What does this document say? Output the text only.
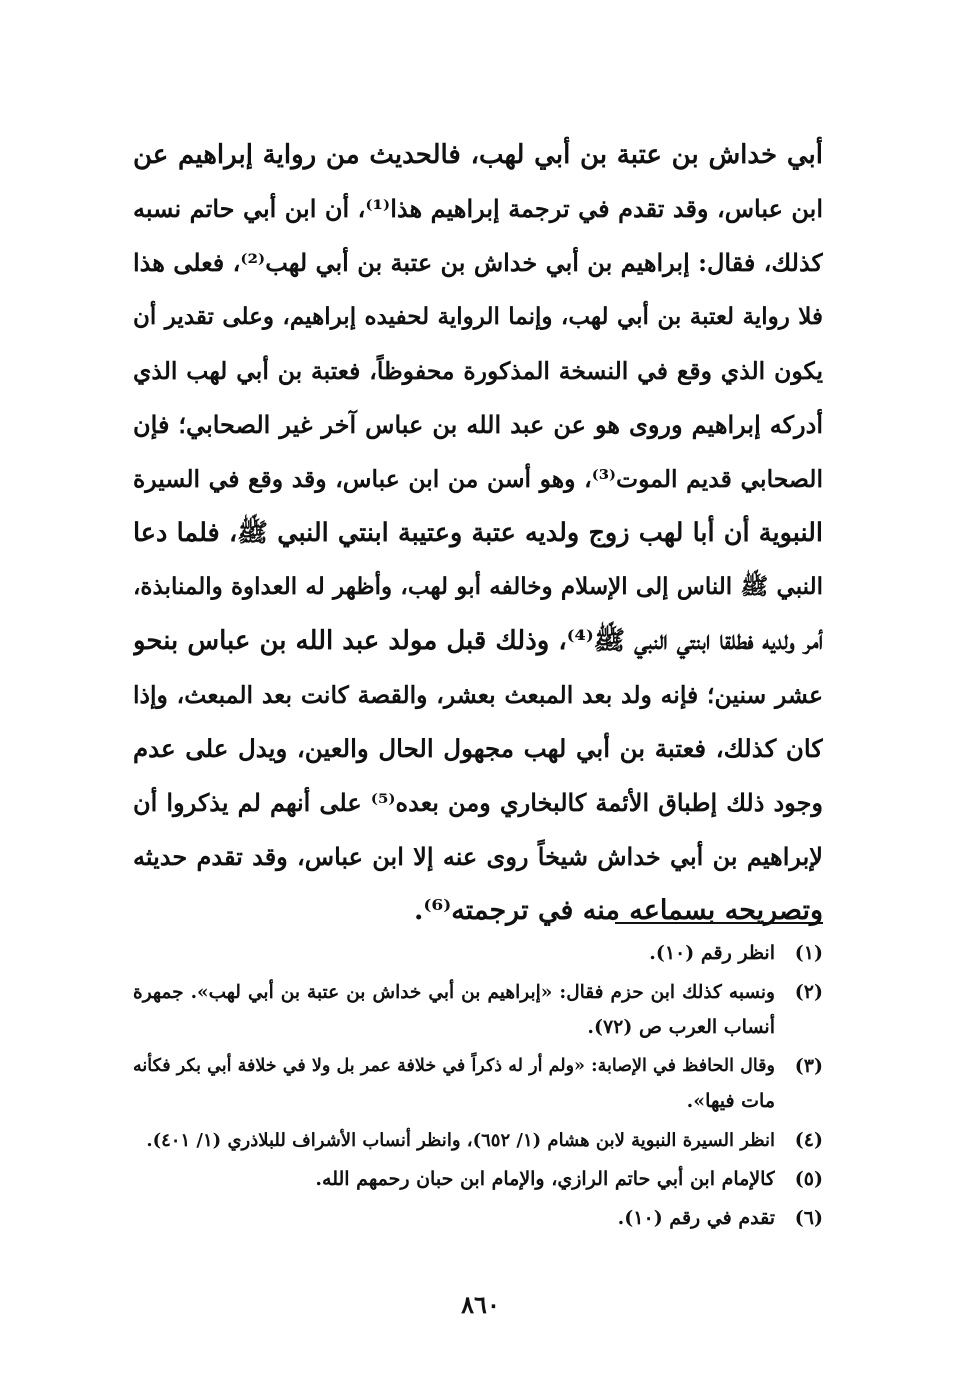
أبي خداش بن عتبة بن أبي لهب، فالحديث من رواية إبراهيم عن
ابن عباس، وقد تقدم في ترجمة إبراهيم هذا⁽¹⁾، أن ابن أبي حاتم نسبه
كذلك، فقال: إبراهيم بن أبي خداش بن عتبة بن أبي لهب⁽²⁾، فعلى هذا
فلا رواية لعتبة بن أبي لهب، وإنما الرواية لحفيده إبراهيم، وعلى تقدير أن
يكون الذي وقع في النسخة المذكورة محفوظاً، فعتبة بن أبي لهب الذي
أدركه إبراهيم وروى هو عن عبد الله بن عباس آخر غير الصحابي؛ فإن
الصحابي قديم الموت⁽³⁾، وهو أسن من ابن عباس، وقد وقع في السيرة
النبوية أن أبا لهب زوج ولديه عتبة وعتيبة ابنتي النبي ﷺ، فلما دعا
النبي ﷺ الناس إلى الإسلام وخالفه أبو لهب، وأظهر له العداوة والمنابذة،
أمر ولديه فطلقا ابنتي النبي ﷺ⁽⁴⁾، وذلك قبل مولد عبد الله بن عباس بنحو
عشر سنين؛ فإنه ولد بعد المبعث بعشر، والقصة كانت بعد المبعث، وإذا
كان كذلك، فعتبة بن أبي لهب مجهول الحال والعين، ويدل على عدم
وجود ذلك إطباق الأئمة كالبخاري ومن بعده⁽⁵⁾ على أنهم لم يذكروا أن
لإبراهيم بن أبي خداش شيخاً روى عنه إلا ابن عباس، وقد تقدم حديثه
وتصريحه بسماعه منه في ترجمته⁽⁶⁾.
(١)
انظر رقم (١٠).
(٢)
ونسبه كذلك ابن حزم فقال: «إبراهيم بن أبي خداش بن عتبة بن أبي لهب». جمهرة
أنساب العرب ص (٧٢).
(٣)
وقال الحافظ في الإصابة: «ولم أر له ذكراً في خلافة عمر بل ولا في خلافة أبي بكر فكأنه
مات فيها».
(٤)
انظر السيرة النبوية لابن هشام (١/ ٦٥٢)، وانظر أنساب الأشراف للبلاذري (١/ ٤٠١).
(٥)
كالإمام ابن أبي حاتم الرازي، والإمام ابن حبان رحمهم الله.
(٦)
تقدم في رقم (١٠).
٨٦٠
